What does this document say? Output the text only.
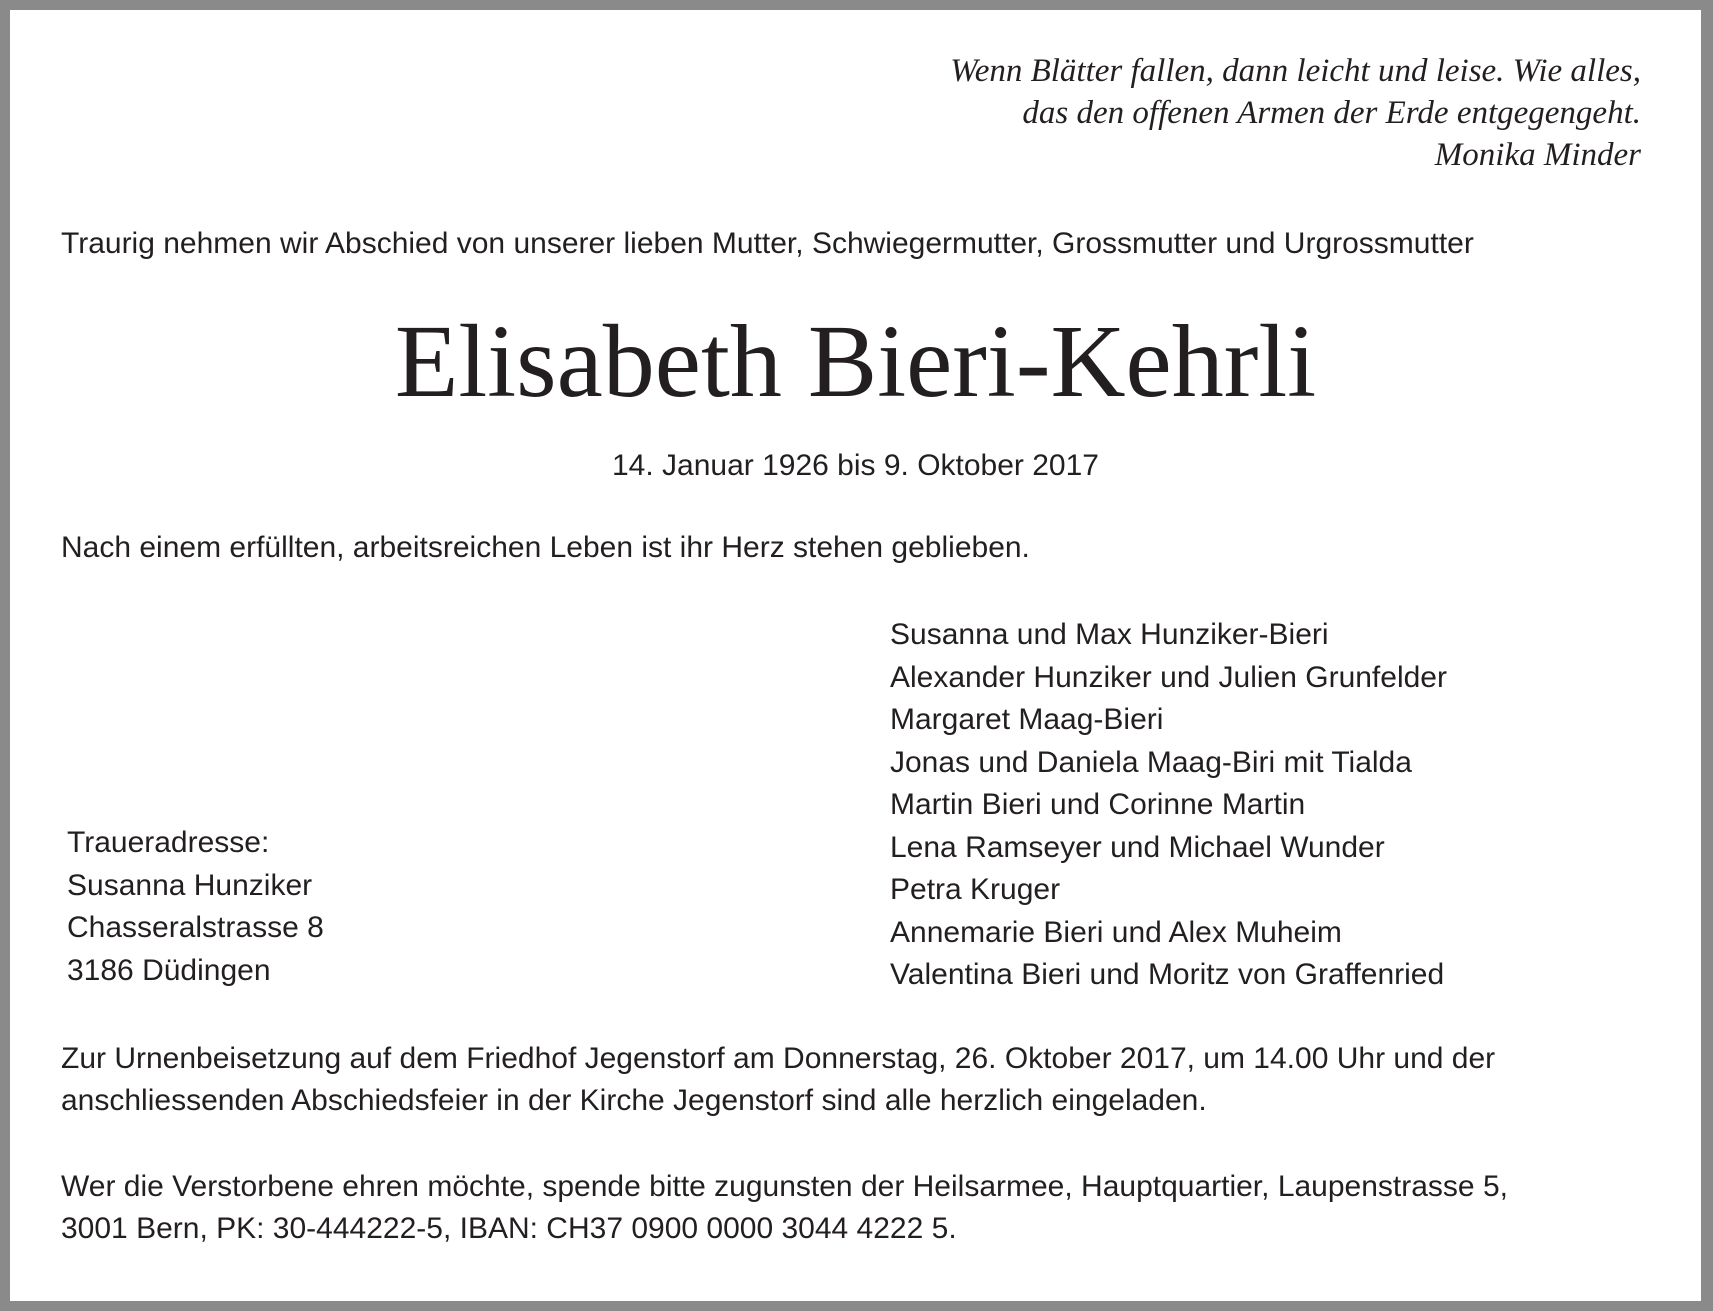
Wenn Blätter fallen, dann leicht und leise. Wie alles,
das den offenen Armen der Erde entgegengeht.
Monika Minder
Traurig nehmen wir Abschied von unserer lieben Mutter, Schwiegermutter, Grossmutter und Urgrossmutter
Elisabeth Bieri-Kehrli
14. Januar 1926 bis 9. Oktober 2017
Nach einem erfüllten, arbeitsreichen Leben ist ihr Herz stehen geblieben.
Susanna und Max Hunziker-Bieri
Alexander Hunziker und Julien Grunfelder
Margaret Maag-Bieri
Jonas und Daniela Maag-Biri mit Tialda
Martin Bieri und Corinne Martin
Lena Ramseyer und Michael Wunder
Petra Kruger
Annemarie Bieri und Alex Muheim
Valentina Bieri und Moritz von Graffenried
Traueradresse:
Susanna Hunziker
Chasseralstrasse 8
3186 Düdingen
Zur Urnenbeisetzung auf dem Friedhof Jegenstorf am Donnerstag, 26. Oktober 2017, um 14.00 Uhr und der
anschliessenden Abschiedsfeier in der Kirche Jegenstorf sind alle herzlich eingeladen.
Wer die Verstorbene ehren möchte, spende bitte zugunsten der Heilsarmee, Hauptquartier, Laupenstrasse 5,
3001 Bern, PK: 30-444222-5, IBAN: CH37 0900 0000 3044 4222 5.
